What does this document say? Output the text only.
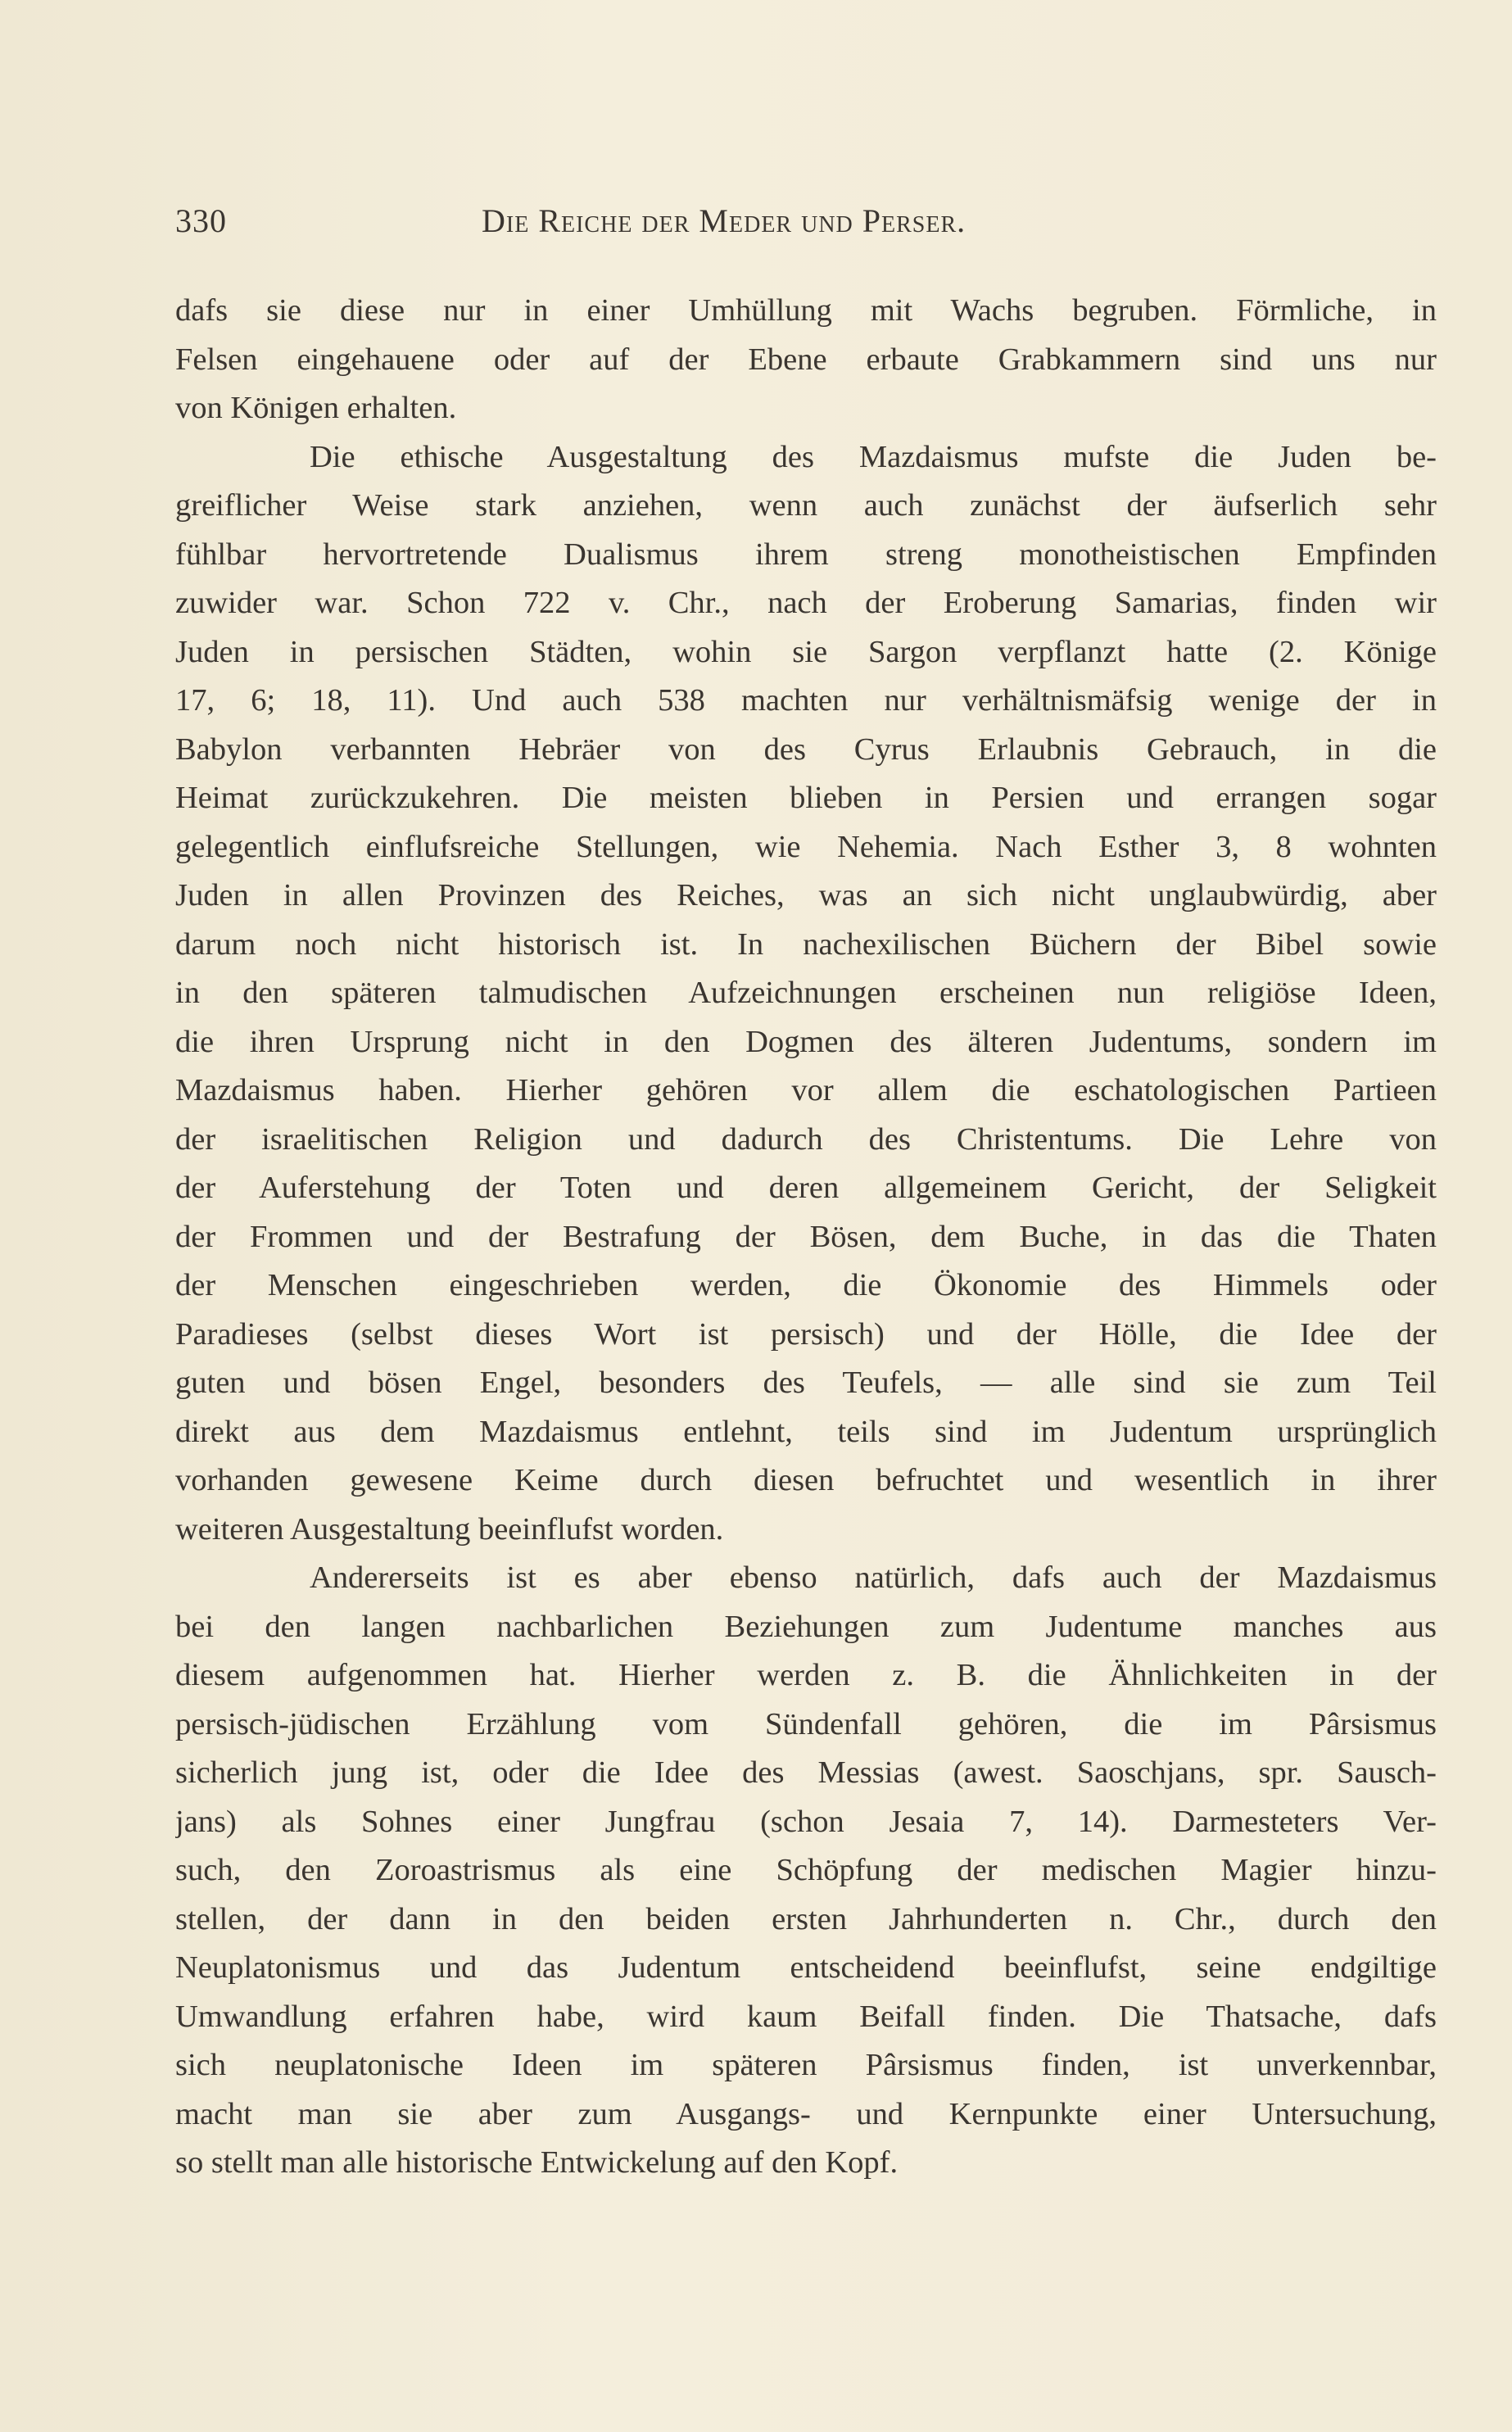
330	Die Reiche der Meder und Perser.
dafs sie diese nur in einer Umhüllung mit Wachs begruben. Förmliche, in
Felsen eingehauene oder auf der Ebene erbaute Grabkammern sind uns nur
von Königen erhalten.
Die ethische Ausgestaltung des Mazdaismus mufste die Juden be-
greiflicher Weise stark anziehen, wenn auch zunächst der äufserlich sehr
fühlbar hervortretende Dualismus ihrem streng monotheistischen Empfinden
zuwider war. Schon 722 v. Chr., nach der Eroberung Samarias, finden wir
Juden in persischen Städten, wohin sie Sargon verpflanzt hatte (2. Könige
17, 6; 18, 11). Und auch 538 machten nur verhältnismäfsig wenige der in
Babylon verbannten Hebräer von des Cyrus Erlaubnis Gebrauch, in die
Heimat zurückzukehren. Die meisten blieben in Persien und errangen sogar
gelegentlich einflufsreiche Stellungen, wie Nehemia. Nach Esther 3, 8 wohnten
Juden in allen Provinzen des Reiches, was an sich nicht unglaubwürdig, aber
darum noch nicht historisch ist. In nachexilischen Büchern der Bibel sowie
in den späteren talmudischen Aufzeichnungen erscheinen nun religiöse Ideen,
die ihren Ursprung nicht in den Dogmen des älteren Judentums, sondern im
Mazdaismus haben. Hierher gehören vor allem die eschatologischen Partieen
der israelitischen Religion und dadurch des Christentums. Die Lehre von
der Auferstehung der Toten und deren allgemeinem Gericht, der Seligkeit
der Frommen und der Bestrafung der Bösen, dem Buche, in das die Thaten
der Menschen eingeschrieben werden, die Ökonomie des Himmels oder
Paradieses (selbst dieses Wort ist persisch) und der Hölle, die Idee der
guten und bösen Engel, besonders des Teufels, — alle sind sie zum Teil
direkt aus dem Mazdaismus entlehnt, teils sind im Judentum ursprünglich
vorhanden gewesene Keime durch diesen befruchtet und wesentlich in ihrer
weiteren Ausgestaltung beeinflufst worden.
Andererseits ist es aber ebenso natürlich, dafs auch der Mazdaismus
bei den langen nachbarlichen Beziehungen zum Judentume manches aus
diesem aufgenommen hat. Hierher werden z. B. die Ähnlichkeiten in der
persisch-jüdischen Erzählung vom Sündenfall gehören, die im Pârsismus
sicherlich jung ist, oder die Idee des Messias (awest. Saoschjans, spr. Sausch-
jans) als Sohnes einer Jungfrau (schon Jesaia 7, 14). Darmesteters Ver-
such, den Zoroastrismus als eine Schöpfung der medischen Magier hinzu-
stellen, der dann in den beiden ersten Jahrhunderten n. Chr., durch den
Neuplatonismus und das Judentum entscheidend beeinflufst, seine endgiltige
Umwandlung erfahren habe, wird kaum Beifall finden. Die Thatsache, dafs
sich neuplatonische Ideen im späteren Pârsismus finden, ist unverkennbar,
macht man sie aber zum Ausgangs- und Kernpunkte einer Untersuchung,
so stellt man alle historische Entwickelung auf den Kopf.
